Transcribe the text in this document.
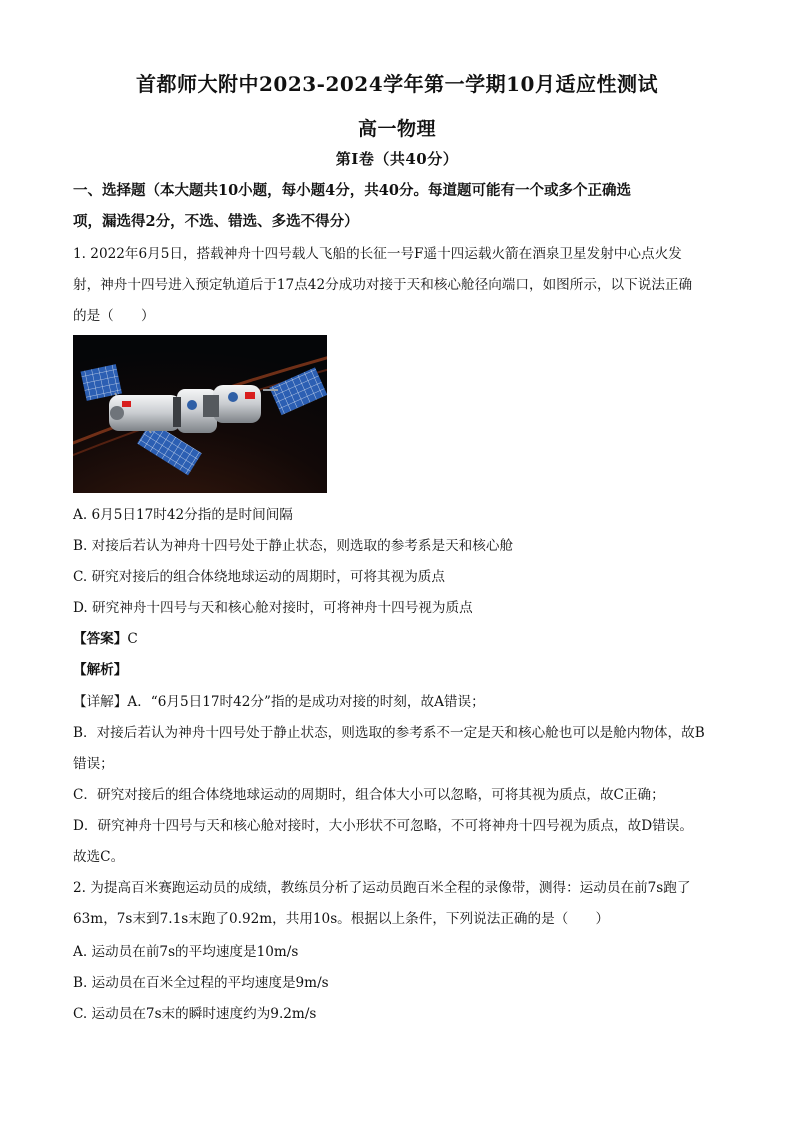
首都师大附中2023-2024学年第一学期10月适应性测试
高一物理
第Ⅰ卷（共40分）
一、选择题（本大题共10小题，每小题4分，共40分。每道题可能有一个或多个正确选
项，漏选得2分，不选、错选、多选不得分）
1. 2022年6月5日，搭载神舟十四号载人飞船的长征一号F遥十四运载火箭在酒泉卫星发射中心点火发
射，神舟十四号进入预定轨道后于17点42分成功对接于天和核心舱径向端口，如图所示，以下说法正确
的是（　　）
A. 6月5日17时42分指的是时间间隔
B. 对接后若认为神舟十四号处于静止状态，则选取的参考系是天和核心舱
C. 研究对接后的组合体绕地球运动的周期时，可将其视为质点
D. 研究神舟十四号与天和核心舱对接时，可将神舟十四号视为质点
【答案】C
【解析】
【详解】A．“6月5日17时42分”指的是成功对接的时刻，故A错误；
B．对接后若认为神舟十四号处于静止状态，则选取的参考系不一定是天和核心舱也可以是舱内物体，故B
错误；
C．研究对接后的组合体绕地球运动的周期时，组合体大小可以忽略，可将其视为质点，故C正确；
D．研究神舟十四号与天和核心舱对接时，大小形状不可忽略，不可将神舟十四号视为质点，故D错误。
故选C。
2. 为提高百米赛跑运动员的成绩，教练员分析了运动员跑百米全程的录像带，测得：运动员在前7s跑了
63m，7s末到7.1s末跑了0.92m，共用10s。根据以上条件，下列说法正确的是（　　）
A. 运动员在前7s的平均速度是10m/s
B. 运动员在百米全过程的平均速度是9m/s
C. 运动员在7s末的瞬时速度约为9.2m/s
